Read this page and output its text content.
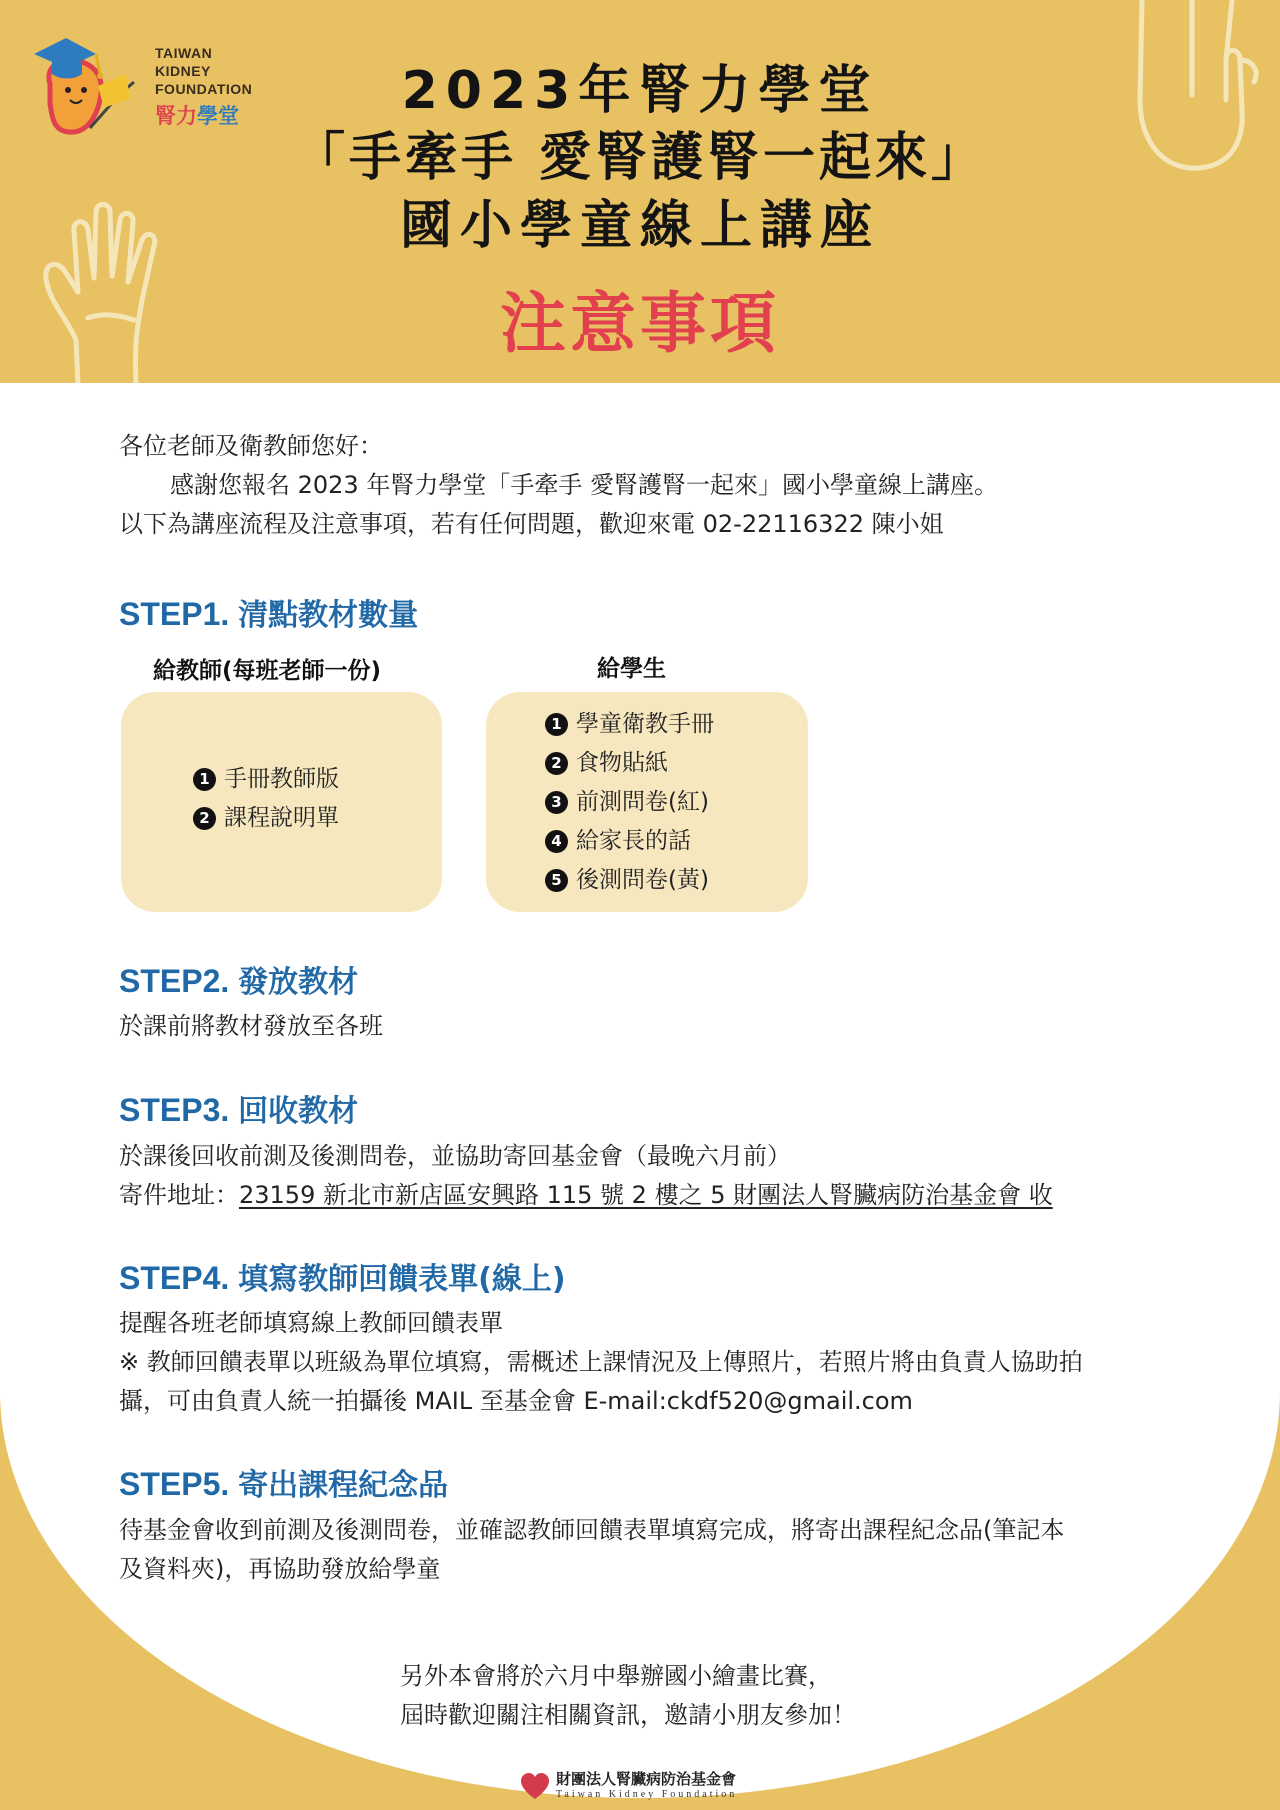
TAIWAN
KIDNEY
FOUNDATION
腎力學堂	2023年腎力學堂
「手牽手 愛腎護腎一起來」
國小學童線上講座
注意事項
各位老師及衛教師您好：
感謝您報名 2023 年腎力學堂「手牽手 愛腎護腎一起來」國小學童線上講座。
以下為講座流程及注意事項，若有任何問題，歡迎來電 02-22116322 陳小姐
STEP1. 清點教材數量
給教師(每班老師一份)	給學生
1 手冊教師版
2 課程說明單
1 學童衛教手冊
2 食物貼紙
3 前測問卷(紅)
4 給家長的話
5 後測問卷(黃)
STEP2. 發放教材
於課前將教材發放至各班
STEP3. 回收教材
於課後回收前測及後測問卷，並協助寄回基金會（最晚六月前）
寄件地址：23159 新北市新店區安興路 115 號 2 樓之 5 財團法人腎臟病防治基金會 收
STEP4. 填寫教師回饋表單(線上)
提醒各班老師填寫線上教師回饋表單
※ 教師回饋表單以班級為單位填寫，需概述上課情況及上傳照片，若照片將由負責人協助拍
攝，可由負責人統一拍攝後 MAIL 至基金會 E-mail:ckdf520@gmail.com
STEP5. 寄出課程紀念品
待基金會收到前測及後測問卷，並確認教師回饋表單填寫完成，將寄出課程紀念品(筆記本
及資料夾)，再協助發放給學童
另外本會將於六月中舉辦國小繪畫比賽，
屆時歡迎關注相關資訊，邀請小朋友參加！
財團法人腎臟病防治基金會
Taiwan Kidney Foundation
